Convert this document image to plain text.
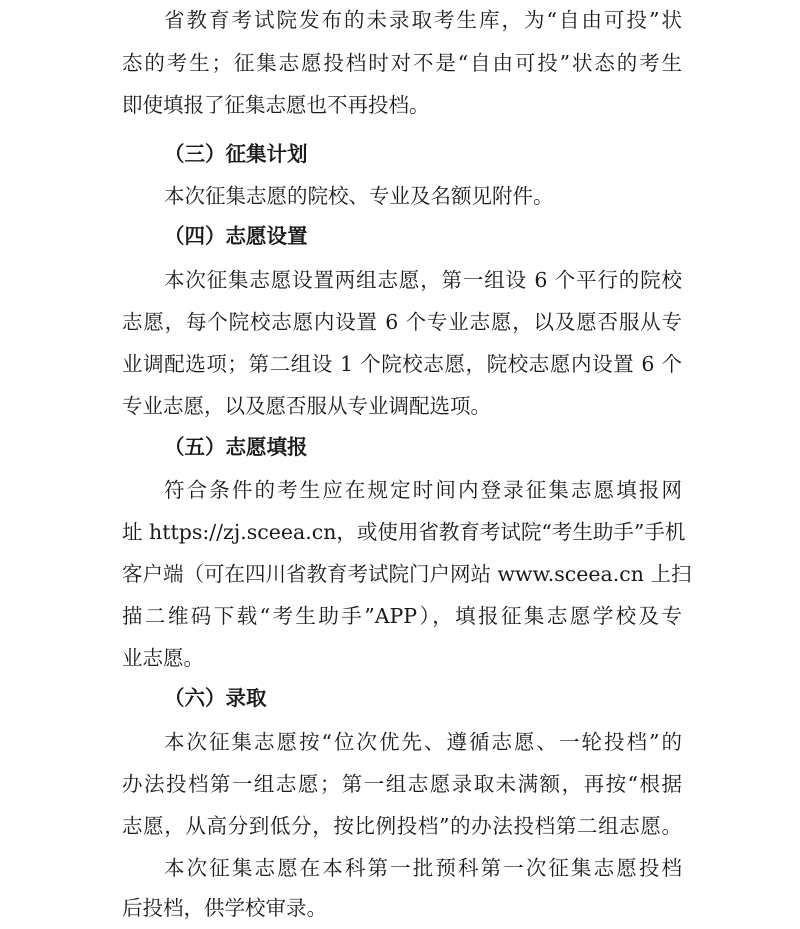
省教育考试院发布的未录取考生库，为“自由可投”状

态的考生；征集志愿投档时对不是“自由可投”状态的考生

即使填报了征集志愿也不再投档。

（三）征集计划

本次征集志愿的院校、专业及名额见附件。

（四）志愿设置

本次征集志愿设置两组志愿，第一组设 6 个平行的院校

志愿，每个院校志愿内设置 6 个专业志愿，以及愿否服从专

业调配选项；第二组设 1 个院校志愿，院校志愿内设置 6 个

专业志愿，以及愿否服从专业调配选项。

（五）志愿填报

符合条件的考生应在规定时间内登录征集志愿填报网

址 https://zj.sceea.cn，或使用省教育考试院“考生助手”手机

客户端（可在四川省教育考试院门户网站 www.sceea.cn 上扫

描二维码下载“考生助手”APP），填报征集志愿学校及专

业志愿。

（六）录取

本次征集志愿按“位次优先、遵循志愿、一轮投档”的

办法投档第一组志愿；第一组志愿录取未满额，再按“根据

志愿，从高分到低分，按比例投档”的办法投档第二组志愿。

本次征集志愿在本科第一批预科第一次征集志愿投档

后投档，供学校审录。
